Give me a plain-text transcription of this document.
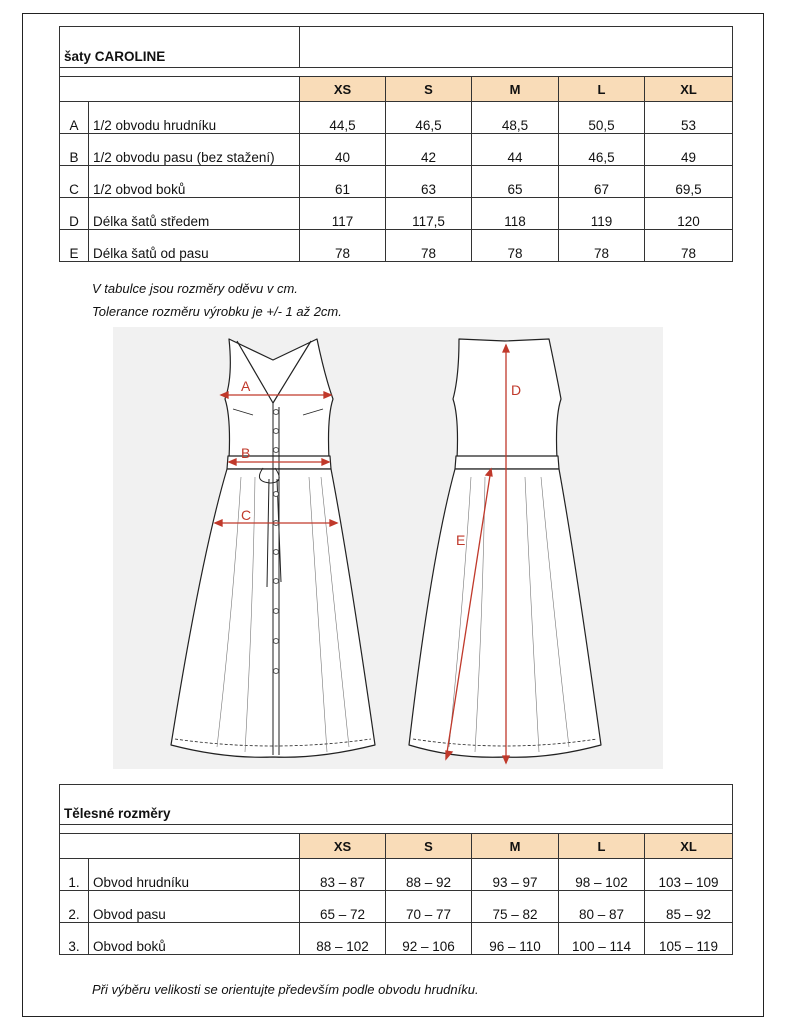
šaty CAROLINE						

		XS	S	M	L	XL
A	1/2 obvodu hrudníku	44,5	46,5	48,5	50,5	53
B	1/2 obvodu pasu (bez stažení)	40	42	44	46,5	49
C	1/2 obvod boků	61	63	65	67	69,5
D	Délka šatů středem	117	117,5	118	119	120
E	Délka šatů od pasu	78	78	78	78	78
V tabulce jsou rozměry oděvu v cm.
Tolerance rozměru výrobku je +/- 1 až 2cm.
A
B
C
D
E
Tělesné rozměry						

		XS	S	M	L	XL
1.	Obvod hrudníku	83 – 87	88 – 92	93 – 97	98 – 102	103 – 109
2.	Obvod pasu	65 – 72	70 – 77	75 – 82	80 – 87	85 – 92
3.	Obvod boků	88 – 102	92 – 106	96 – 110	100 – 114	105 – 119
Při výběru velikosti se orientujte především podle obvodu hrudníku.
